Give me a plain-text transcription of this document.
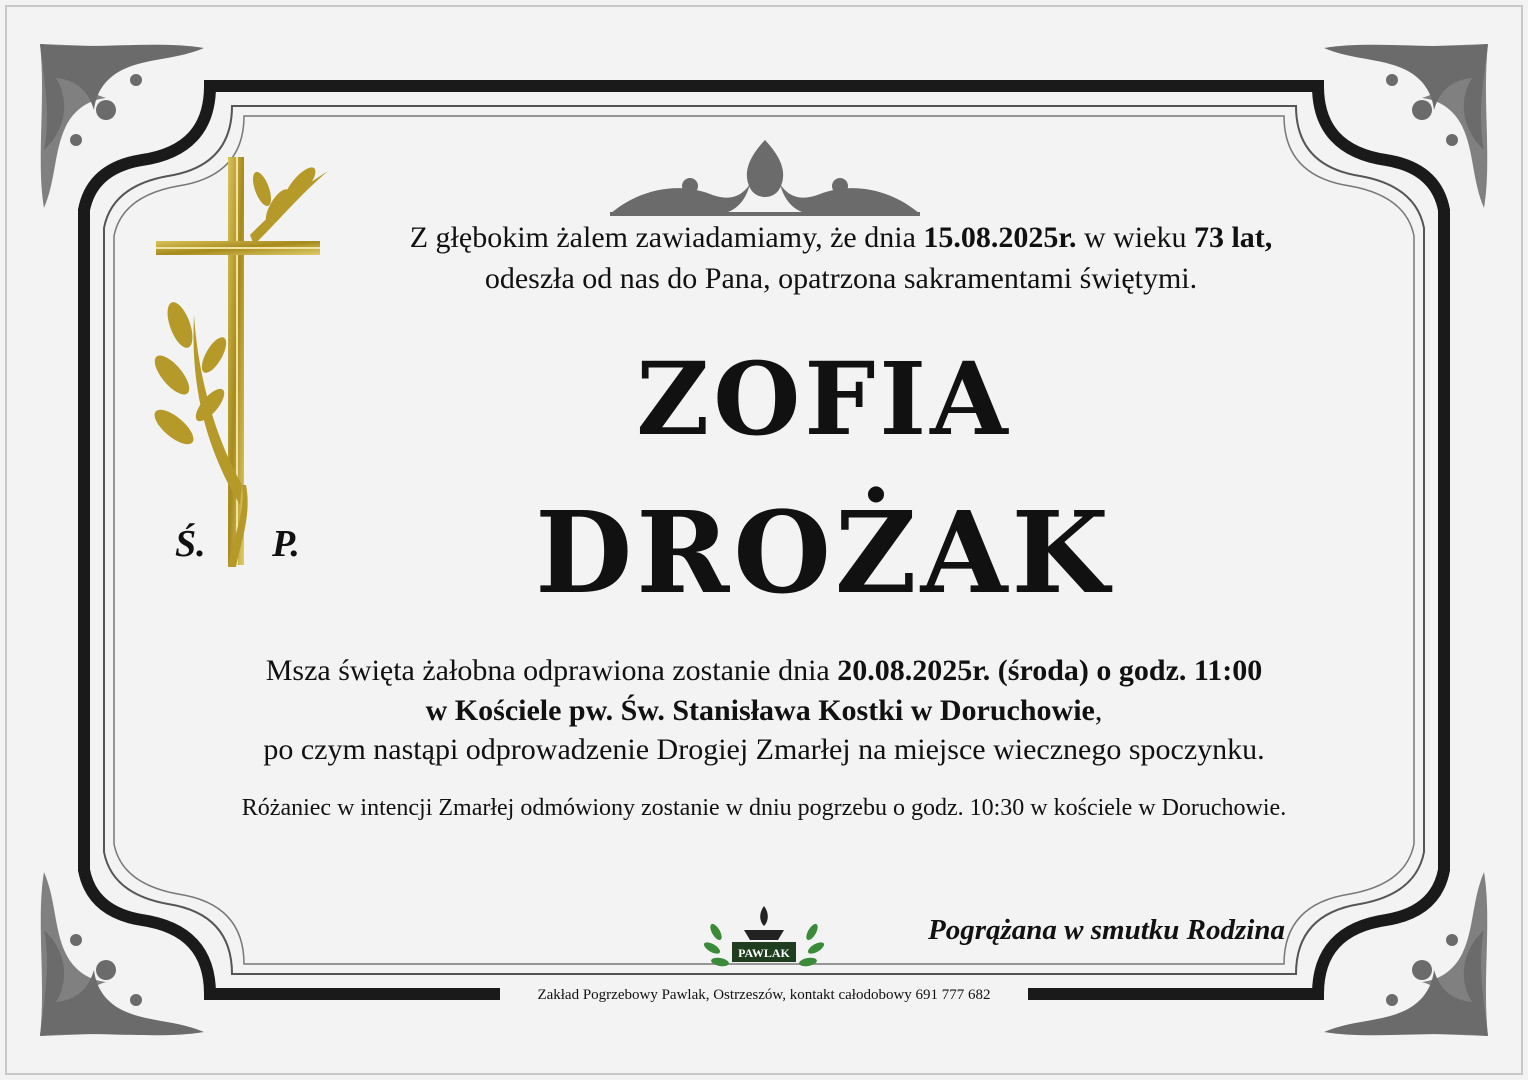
Ś. P.
Z głębokim żalem zawiadamiamy, że dnia 15.08.2025r. w wieku 73 lat,
odeszła od nas do Pana, opatrzona sakramentami świętymi.
ZOFIA
DROŻAK
Msza święta żałobna odprawiona zostanie dnia 20.08.2025r. (środa) o godz. 11:00
w Kościele pw. Św. Stanisława Kostki w Doruchowie,
po czym nastąpi odprowadzenie Drogiej Zmarłej na miejsce wiecznego spoczynku.
Różaniec w intencji Zmarłej odmówiony zostanie w dniu pogrzebu o godz. 10:30 w kościele w Doruchowie.
PAWLAK
Pogrążana w smutku Rodzina
Zakład Pogrzebowy Pawlak, Ostrzeszów, kontakt całodobowy 691 777 682
